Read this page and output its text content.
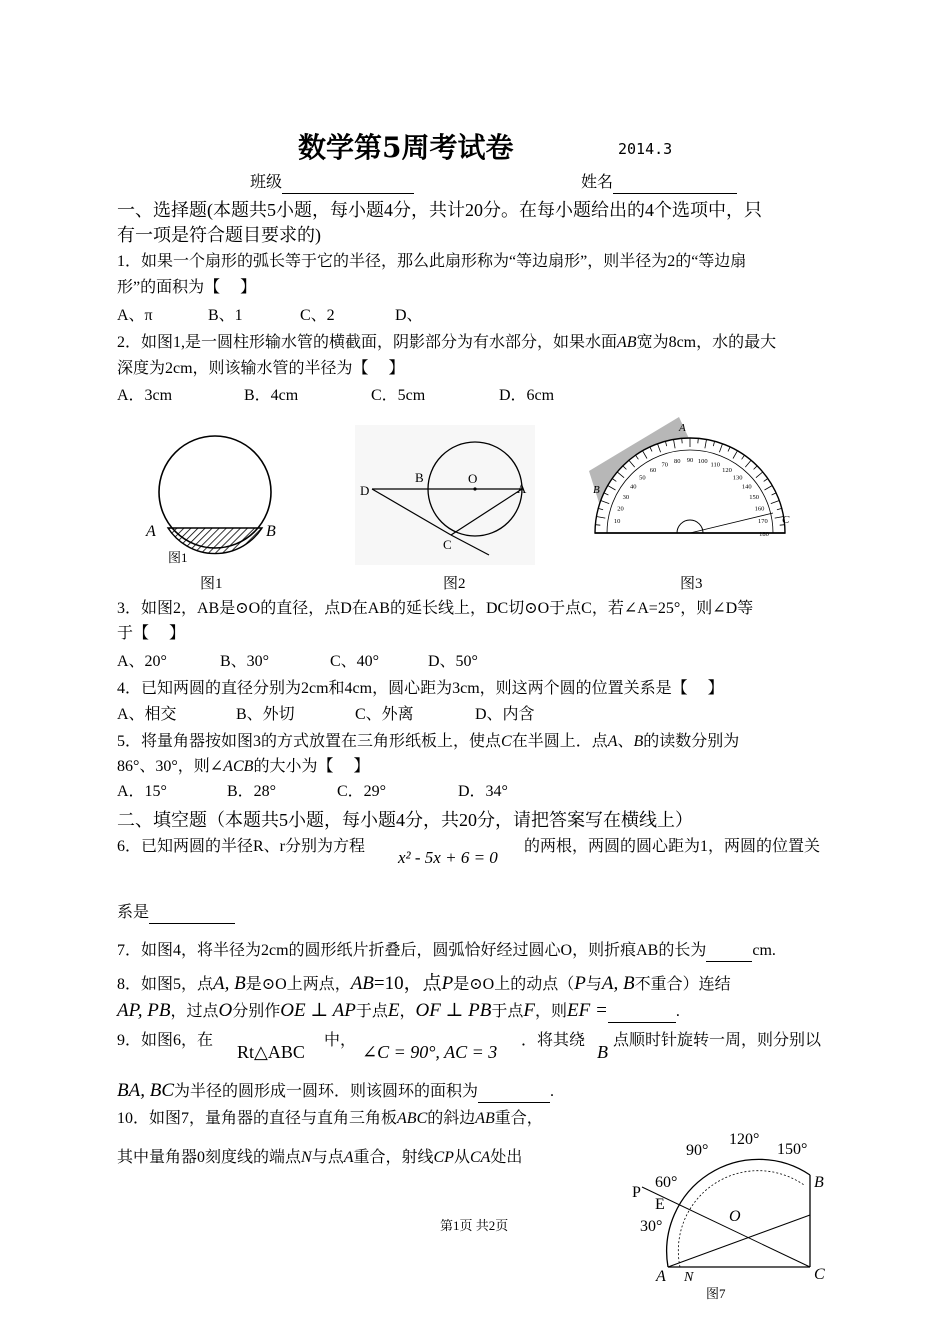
数学第5周考试卷	2014.3
班级	姓名
一、选择题(本题共5小题，每小题4分，共计20分。在每小题给出的4个选项中，只
有一项是符合题目要求的)
1．如果一个扇形的弧长等于它的半径，那么此扇形称为“等边扇形”，则半径为2的“等边扇
形”的面积为【　 】
A、π	B、1	C、2	D、
2．如图1,是一圆柱形输水管的横截面，阴影部分为有水部分，如果水面AB宽为8cm，水的最大
深度为2cm，则该输水管的半径为【　 】
A．3cm	B．4cm	C．5cm	D．6cm
A	B
图1
D
B	O
A
C
10
20
30
40
50
60
70 80 90 100 110
120
130
140
150
160
170
180
A
B
C
图1	图2	图3
3．如图2，AB是⊙O的直径，点D在AB的延长线上，DC切⊙O于点C，若∠A=25°，则∠D等
于【　 】
A、20°	B、30°	C、40°	D、50°
4．已知两圆的直径分别为2cm和4cm，圆心距为3cm，则这两个圆的位置关系是【　 】
A、相交	B、外切	C、外离	D、内含
5．将量角器按如图3的方式放置在三角形纸板上，使点C在半圆上．点A、B的读数分别为
86°、30°，则∠ACB的大小为【　 】
A．15°	B．28°	C．29°	D．34°
二、填空题（本题共5小题，每小题4分，共20分，请把答案写在横线上）
6．已知两圆的半径R、r分别为方程
x² - 5x + 6 = 0
的两根，两圆的圆心距为1，两圆的位置关
系是
7．如图4，将半径为2cm的圆形纸片折叠后，圆弧恰好经过圆心O，则折痕AB的长为	cm.
8．如图5，点A, B是⊙O上两点，AB=10，点P是⊙O上的动点（P与A, B不重合）连结
AP, PB，过点O分别作OE ⊥ AP于点E，OF ⊥ PB于点F，则EF =	.
9．如图6，在
Rt△ABC
中，
∠C = 90°, AC = 3
．将其绕
B
点顺时针旋转一周，则分别以
BA, BC为半径的圆形成一圆环．则该圆环的面积为	.
10．如图7，量角器的直径与直角三角板ABC的斜边AB重合，
其中量角器0刻度线的端点N与点A重合，射线CP从CA处出	90°
120°
150°
60°
30°
P
E
O
B
C
N
A
图7
第1页 共2页
